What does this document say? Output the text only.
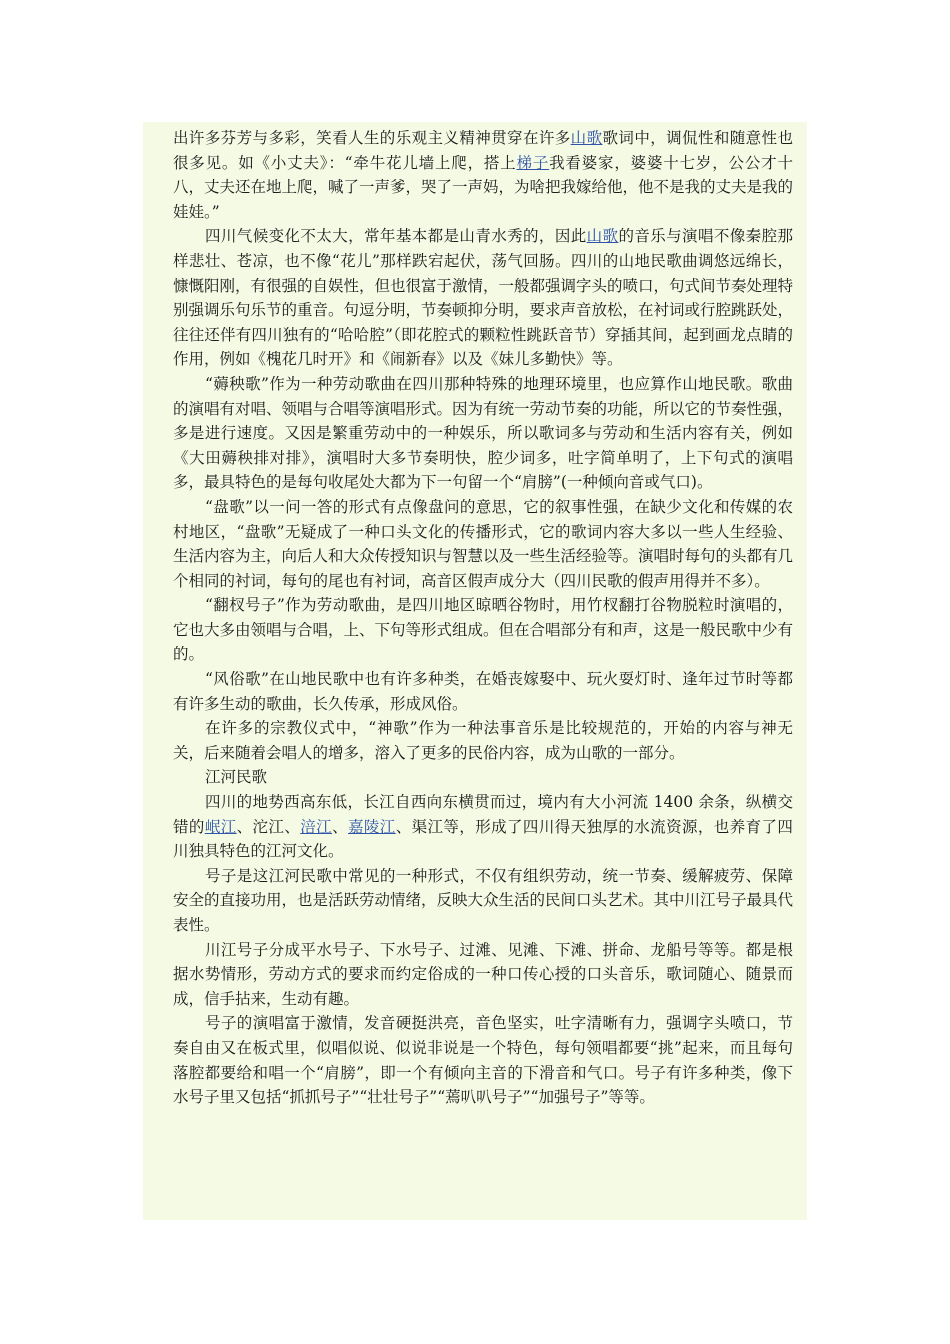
出许多芬芳与多彩，笑看人生的乐观主义精神贯穿在许多山歌歌词中，调侃性和随意性也很多见。如《小丈夫》：“牵牛花儿墙上爬，搭上梯子我看婆家，婆婆十七岁，公公才十八，丈夫还在地上爬，喊了一声爹，哭了一声妈，为啥把我嫁给他，他不是我的丈夫是我的娃娃。”

四川气候变化不太大，常年基本都是山青水秀的，因此山歌的音乐与演唱不像秦腔那样悲壮、苍凉，也不像“花儿”那样跌宕起伏，荡气回肠。四川的山地民歌曲调悠远绵长，慷慨阳刚，有很强的自娱性，但也很富于激情，一般都强调字头的喷口，句式间节奏处理特别强调乐句乐节的重音。句逗分明，节奏顿抑分明，要求声音放松，在衬词或行腔跳跃处，往往还伴有四川独有的“哈哈腔”（即花腔式的颗粒性跳跃音节）穿插其间，起到画龙点睛的作用，例如《槐花几时开》和《闹新春》以及《妹儿多勤快》等。

“薅秧歌”作为一种劳动歌曲在四川那种特殊的地理环境里，也应算作山地民歌。歌曲的演唱有对唱、领唱与合唱等演唱形式。因为有统一劳动节奏的功能，所以它的节奏性强，多是进行速度。又因是繁重劳动中的一种娱乐，所以歌词多与劳动和生活内容有关，例如《大田薅秧排对排》，演唱时大多节奏明快，腔少词多，吐字简单明了，上下句式的演唱多，最具特色的是每句收尾处大都为下一句留一个“肩膀”(一种倾向音或气口)。

“盘歌”以一问一答的形式有点像盘问的意思，它的叙事性强，在缺少文化和传媒的农村地区，“盘歌”无疑成了一种口头文化的传播形式，它的歌词内容大多以一些人生经验、生活内容为主，向后人和大众传授知识与智慧以及一些生活经验等。演唱时每句的头都有几个相同的衬词，每句的尾也有衬词，高音区假声成分大（四川民歌的假声用得并不多）。

“翻杈号子”作为劳动歌曲，是四川地区晾晒谷物时，用竹杈翻打谷物脱粒时演唱的，它也大多由领唱与合唱，上、下句等形式组成。但在合唱部分有和声，这是一般民歌中少有的。

“风俗歌”在山地民歌中也有许多种类，在婚丧嫁娶中、玩火耍灯时、逢年过节时等都有许多生动的歌曲，长久传承，形成风俗。

在许多的宗教仪式中，“神歌”作为一种法事音乐是比较规范的，开始的内容与神无关，后来随着会唱人的增多，溶入了更多的民俗内容，成为山歌的一部分。

江河民歌

四川的地势西高东低，长江自西向东横贯而过，境内有大小河流 1400 余条，纵横交错的岷江、沱江、涪江、嘉陵江、渠江等，形成了四川得天独厚的水流资源，也养育了四川独具特色的江河文化。

号子是这江河民歌中常见的一种形式，不仅有组织劳动，统一节奏、缓解疲劳、保障安全的直接功用，也是活跃劳动情绪，反映大众生活的民间口头艺术。其中川江号子最具代表性。

川江号子分成平水号子、下水号子、过滩、见滩、下滩、拼命、龙船号等等。都是根据水势情形，劳动方式的要求而约定俗成的一种口传心授的口头音乐，歌词随心、随景而成，信手拈来，生动有趣。

号子的演唱富于激情，发音硬挺洪亮，音色坚实，吐字清晰有力，强调字头喷口，节奏自由又在板式里，似唱似说、似说非说是一个特色，每句领唱都要“挑”起来，而且每句落腔都要给和唱一个“肩膀”，即一个有倾向主音的下滑音和气口。号子有许多种类，像下水号子里又包括“抓抓号子”“壮壮号子”“蔫叭叭号子”“加强号子”等等。
